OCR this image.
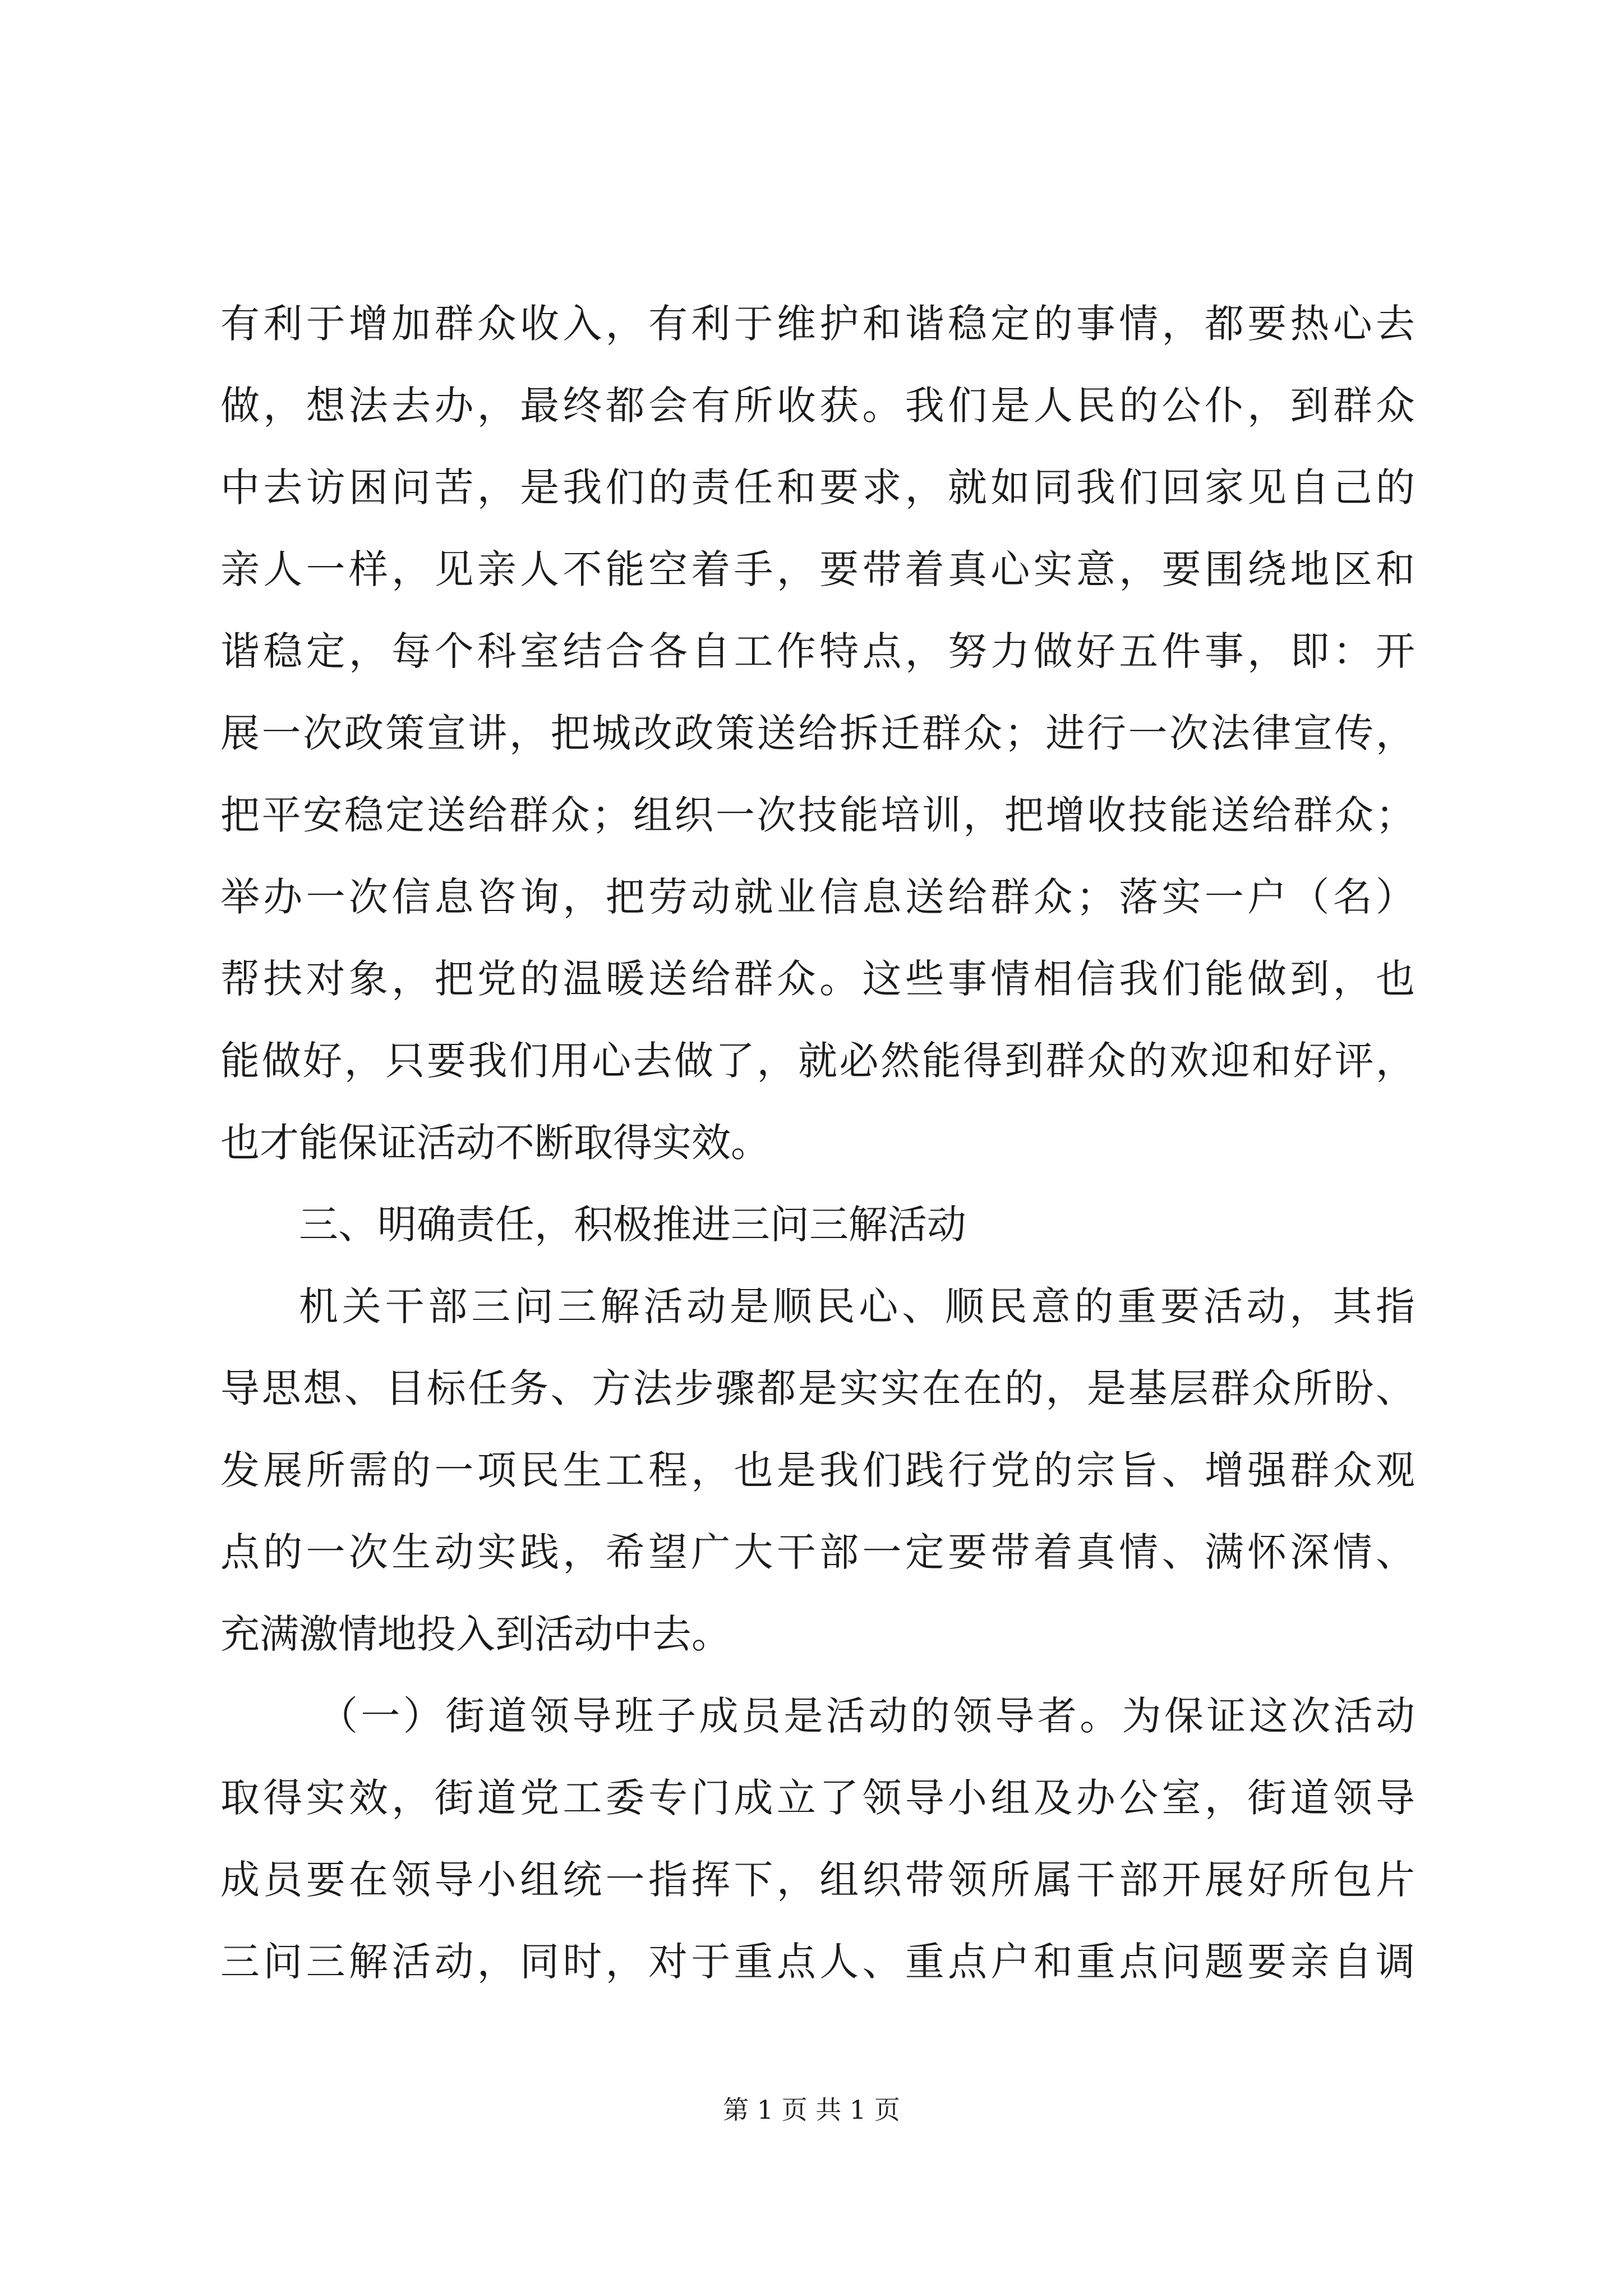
有利于增加群众收入，有利于维护和谐稳定的事情，都要热心去
做，想法去办，最终都会有所收获。我们是人民的公仆，到群众
中去访困问苦，是我们的责任和要求，就如同我们回家见自己的
亲人一样，见亲人不能空着手，要带着真心实意，要围绕地区和
谐稳定，每个科室结合各自工作特点，努力做好五件事，即：开
展一次政策宣讲，把城改政策送给拆迁群众；进行一次法律宣传，
把平安稳定送给群众；组织一次技能培训，把增收技能送给群众；
举办一次信息咨询，把劳动就业信息送给群众；落实一户（名）
帮扶对象，把党的温暖送给群众。这些事情相信我们能做到，也
能做好，只要我们用心去做了，就必然能得到群众的欢迎和好评，
也才能保证活动不断取得实效。
三、明确责任，积极推进三问三解活动
机关干部三问三解活动是顺民心、顺民意的重要活动，其指
导思想、目标任务、方法步骤都是实实在在的，是基层群众所盼、
发展所需的一项民生工程，也是我们践行党的宗旨、增强群众观
点的一次生动实践，希望广大干部一定要带着真情、满怀深情、
充满激情地投入到活动中去。
（一）街道领导班子成员是活动的领导者。为保证这次活动
取得实效，街道党工委专门成立了领导小组及办公室，街道领导
成员要在领导小组统一指挥下，组织带领所属干部开展好所包片
三问三解活动，同时，对于重点人、重点户和重点问题要亲自调
第 1 页 共 1 页
